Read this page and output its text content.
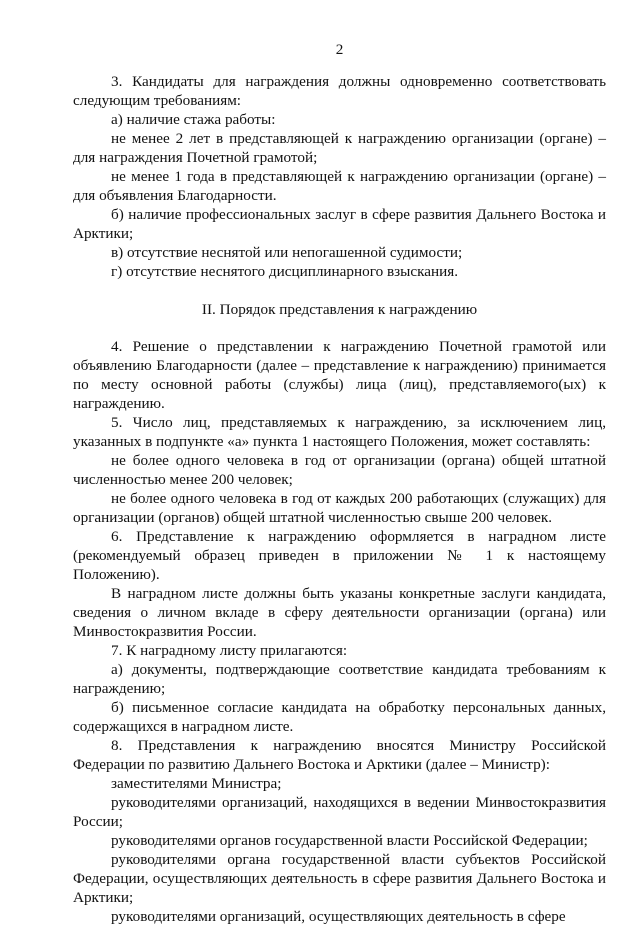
2

3. Кандидаты для награждения должны одновременно соответствовать следующим требованиям:

а) наличие стажа работы:

не менее 2 лет в представляющей к награждению организации (органе) – для награждения Почетной грамотой;

не менее 1 года в представляющей к награждению организации (органе) – для объявления Благодарности.

б) наличие профессиональных заслуг в сфере развития Дальнего Востока и Арктики;

в) отсутствие неснятой или непогашенной судимости;

г) отсутствие неснятого дисциплинарного взыскания.

II. Порядок представления к награждению

4. Решение о представлении к награждению Почетной грамотой или объявлению Благодарности (далее – представление к награждению) принимается по месту основной работы (службы) лица (лиц), представляемого(ых) к награждению.

5. Число лиц, представляемых к награждению, за исключением лиц, указанных в подпункте «а» пункта 1 настоящего Положения, может составлять:

не более одного человека в год от организации (органа) общей штатной численностью менее 200 человек;

не более одного человека в год от каждых 200 работающих (служащих) для организации (органов) общей штатной численностью свыше 200 человек.

6. Представление к награждению оформляется в наградном листе (рекомендуемый образец приведен в приложении № 1 к настоящему Положению).

В наградном листе должны быть указаны конкретные заслуги кандидата, сведения о личном вкладе в сферу деятельности организации (органа) или Минвостокразвития России.

7. К наградному листу прилагаются:

а) документы, подтверждающие соответствие кандидата требованиям к награждению;

б) письменное согласие кандидата на обработку персональных данных, содержащихся в наградном листе.

8. Представления к награждению вносятся Министру Российской Федерации по развитию Дальнего Востока и Арктики (далее – Министр):

заместителями Министра;

руководителями организаций, находящихся в ведении Минвостокразвития России;

руководителями органов государственной власти Российской Федерации;

руководителями органа государственной власти субъектов Российской Федерации, осуществляющих деятельность в сфере развития Дальнего Востока и Арктики;

руководителями организаций, осуществляющих деятельность в сфере
